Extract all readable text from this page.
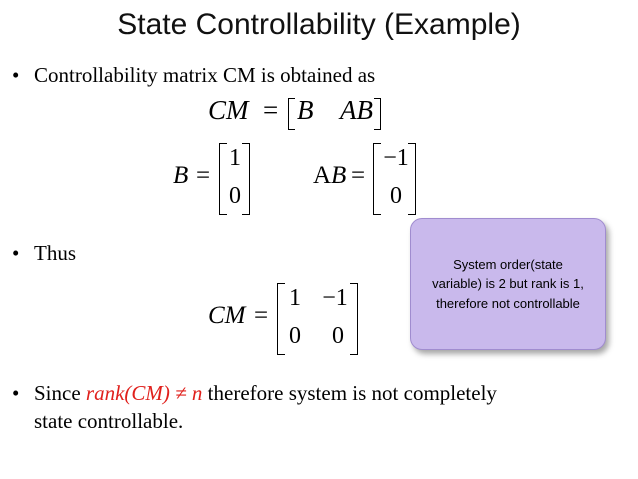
State Controllability (Example)
• Controllability matrix CM is obtained as
CM = B AB
B =
1
0
A B =
−1
0
• Thus
CM =
1 −1
0	0
System order(state variable) is 2 but rank is 1, therefore not controllable
• Since rank(CM) ≠ n therefore system is not completely
state controllable.
